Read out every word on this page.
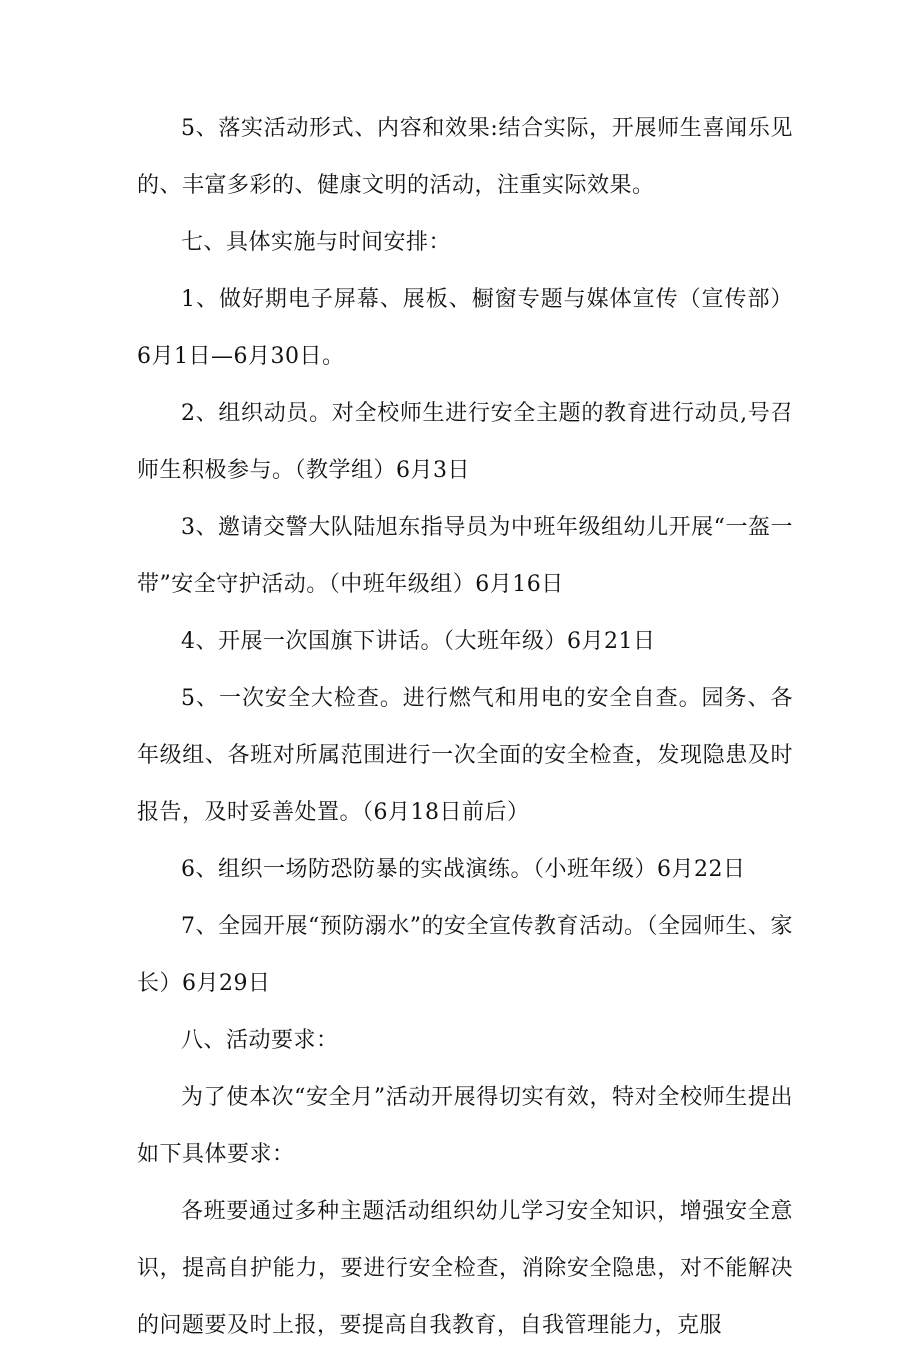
5、落实活动形式、内容和效果:结合实际，开展师生喜闻乐见的、丰富多彩的、健康文明的活动，注重实际效果。

七、具体实施与时间安排：

1、做好期电子屏幕、展板、橱窗专题与媒体宣传（宣传部）6月1日—6月30日。

2、组织动员。对全校师生进行安全主题的教育进行动员,号召师生积极参与。（教学组）6月3日

3、邀请交警大队陆旭东指导员为中班年级组幼儿开展“一盔一带”安全守护活动。（中班年级组）6月16日

4、开展一次国旗下讲话。（大班年级）6月21日

5、一次安全大检查。进行燃气和用电的安全自查。园务、各年级组、各班对所属范围进行一次全面的安全检查，发现隐患及时报告，及时妥善处置。（6月18日前后）

6、组织一场防恐防暴的实战演练。（小班年级）6月22日

7、全园开展“预防溺水”的安全宣传教育活动。（全园师生、家长）6月29日

八、活动要求：

为了使本次“安全月”活动开展得切实有效，特对全校师生提出如下具体要求：

各班要通过多种主题活动组织幼儿学习安全知识，增强安全意识，提高自护能力，要进行安全检查，消除安全隐患，对不能解决的问题要及时上报，要提高自我教育，自我管理能力，克服
